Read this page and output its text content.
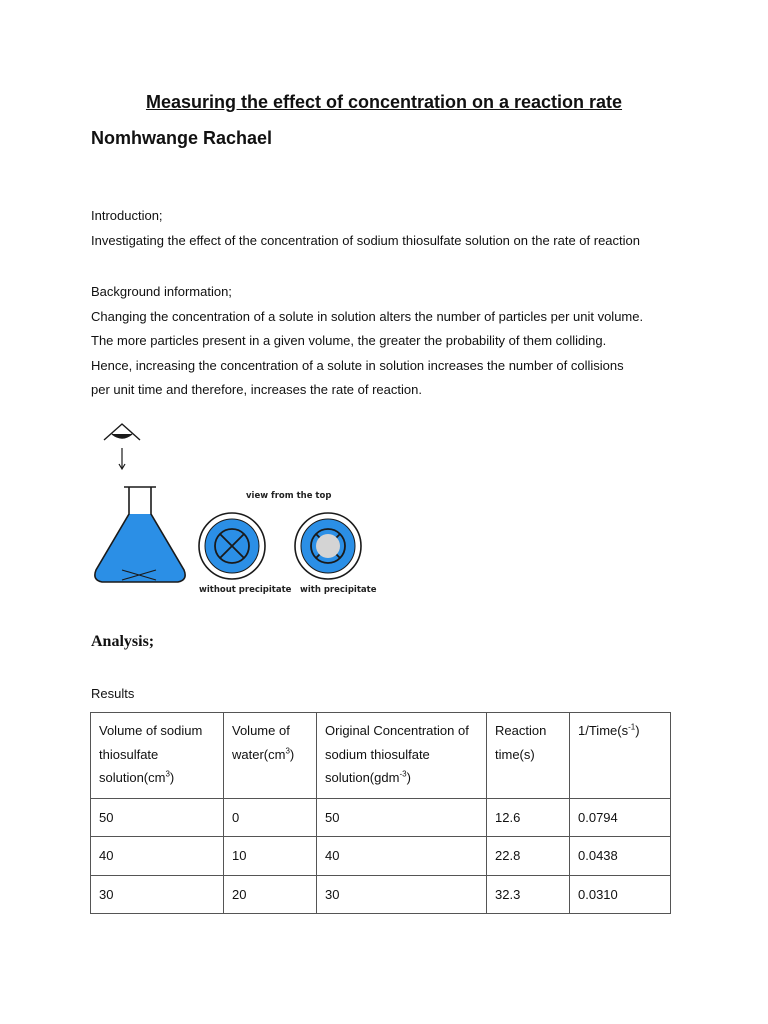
Measuring the effect of concentration on a reaction rate
Nomhwange Rachael
Introduction;
Investigating the effect of the concentration of sodium thiosulfate solution on the rate of reaction
Background information;
Changing the concentration of a solute in solution alters the number of particles per unit volume.
The more particles present in a given volume, the greater the probability of them colliding.
Hence, increasing the concentration of a solute in solution increases the number of collisions
per unit time and therefore, increases the rate of reaction.
view from the top
without precipitate with precipitate
Analysis;
Results
Volume of sodium thiosulfate $solution(cm^3)$	Volume of $water(cm^3)$	Original Concentration of sodium thiosulfate solution(gdm$^{-3}$)	Reaction time(s)	$1/Time(s^{-1})$
50	0	50	12.6	0.0794
40	10	40	22.8	0.0438
30	20	30	32.3	0.0310
